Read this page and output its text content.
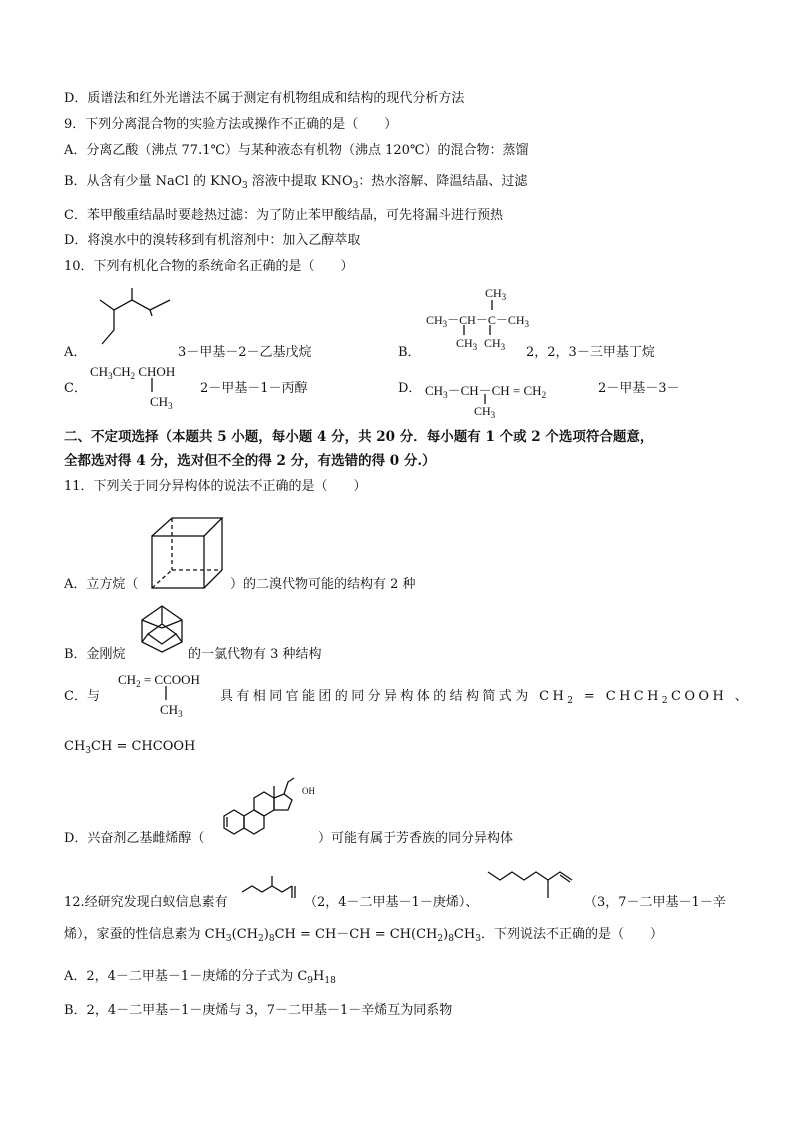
D．质谱法和红外光谱法不属于测定有机物组成和结构的现代分析方法
9．下列分离混合物的实验方法或操作不正确的是（　　）
A．分离乙酸（沸点 77.1℃）与某种液态有机物（沸点 120℃）的混合物：蒸馏
B．从含有少量 NaCl 的 $KNO_3$ 溶液中提取 $KNO_3$：热水溶解、降温结晶、过滤
C．苯甲酸重结晶时要趁热过滤：为了防止苯甲酸结晶，可先将漏斗进行预热
D．将溴水中的溴转移到有机溶剂中：加入乙醇萃取
10．下列有机化合物的系统命名正确的是（　　）
A．	3－甲基－2－乙基戊烷
$CH_3$
$CH_3-CH-C-CH_3$
$CH_3$ $CH_3$
B．	2，2，3－三甲基丁烷
C．
$CH_3CH_2$ CHOH
$CH_3$
2－甲基－1－丙醇	D． $CH_3-CH-CH = CH_2$
$CH_3$
2－甲基－3－
二、不定项选择（本题共 5 小题，每小题 4 分，共 20 分．每小题有 1 个或 2 个选项符合题意，
全都选对得 4 分，选对但不全的得 2 分，有选错的得 0 分.）
11．下列关于同分异构体的说法不正确的是（　　）
A．立方烷（	）的二溴代物可能的结构有 2 种
B．金刚烷	的一氯代物有 3 种结构
C．与
$CH_2$ = CCOOH
$CH_3$
具有相同官能团的同分异构体的结构简式为 $CH_2$ = $CHCH_2COOH$ 、
$CH_3CH$ = CHCOOH
OH
D．兴奋剂乙基雌烯醇（	）可能有属于芳香族的同分异构体
12.经研究发现白蚁信息素有	（2，4－二甲基－1－庚烯）、	（3，7－二甲基－1－辛
烯），家蚕的性信息素为 $CH_3(CH_2)_8CH = CH-CH = CH(CH_2)_8CH_3$．下列说法不正确的是（　　）
A．2，4－二甲基－1－庚烯的分子式为 $C_9H_{18}$
B．2，4－二甲基－1－庚烯与 3，7－二甲基－1－辛烯互为同系物
